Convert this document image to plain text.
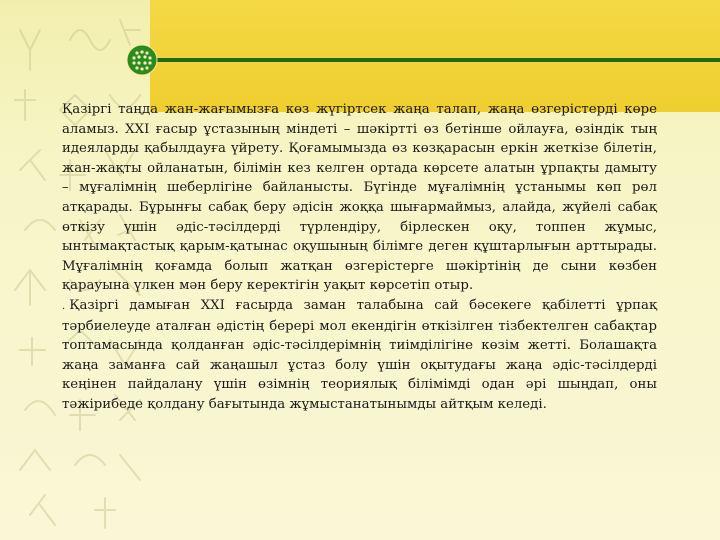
Қазіргі таңда жан-жағымызға көз жүгіртсек жаңа талап, жаңа өзгерістерді көре аламыз. XXI ғасыр ұстазының міндеті – шәкіртті өз бетінше ойлауға, өзіндік тың идеяларды қабылдауға үйрету. Қоғамымызда өз көзқарасын еркін жеткізе білетін, жан-жақты ойланатын, білімін кез келген ортада көрсете алатын ұрпақты дамыту – мұғалімнің шеберлігіне байланысты. Бүгінде мұғалімнің ұстанымы көп рөл атқарады. Бұрынғы сабақ беру әдісін жоққа шығармаймыз, алайда, жүйелі сабақ өткізу үшін әдіс-тәсілдерді түрлендіру, бірлескен оқу, топпен жұмыс, ынтымақтастық қарым-қатынас оқушының білімге деген құштарлығын арттырады. Мұғалімнің қоғамда болып жатқан өзгерістерге шәкіртінің де сыни көзбен қарауына үлкен мән беру керектігін уақыт көрсетіп отыр.

. Қазіргі дамыған XXI ғасырда заман талабына сай бәсекеге қабілетті ұрпақ тәрбиелеуде аталған әдістің берері мол екендігін өткізілген тізбектелген сабақтар топтамасында қолданған әдіс-тәсілдерімнің тиімділігіне көзім жетті. Болашақта жаңа заманға сай жаңашыл ұстаз болу үшін оқытудағы жаңа әдіс-тәсілдерді кеңінен пайдалану үшін өзімнің теориялық білімімді одан әрі шыңдап, оны тәжірибеде қолдану бағытында жұмыстанатынымды айтқым келеді.
